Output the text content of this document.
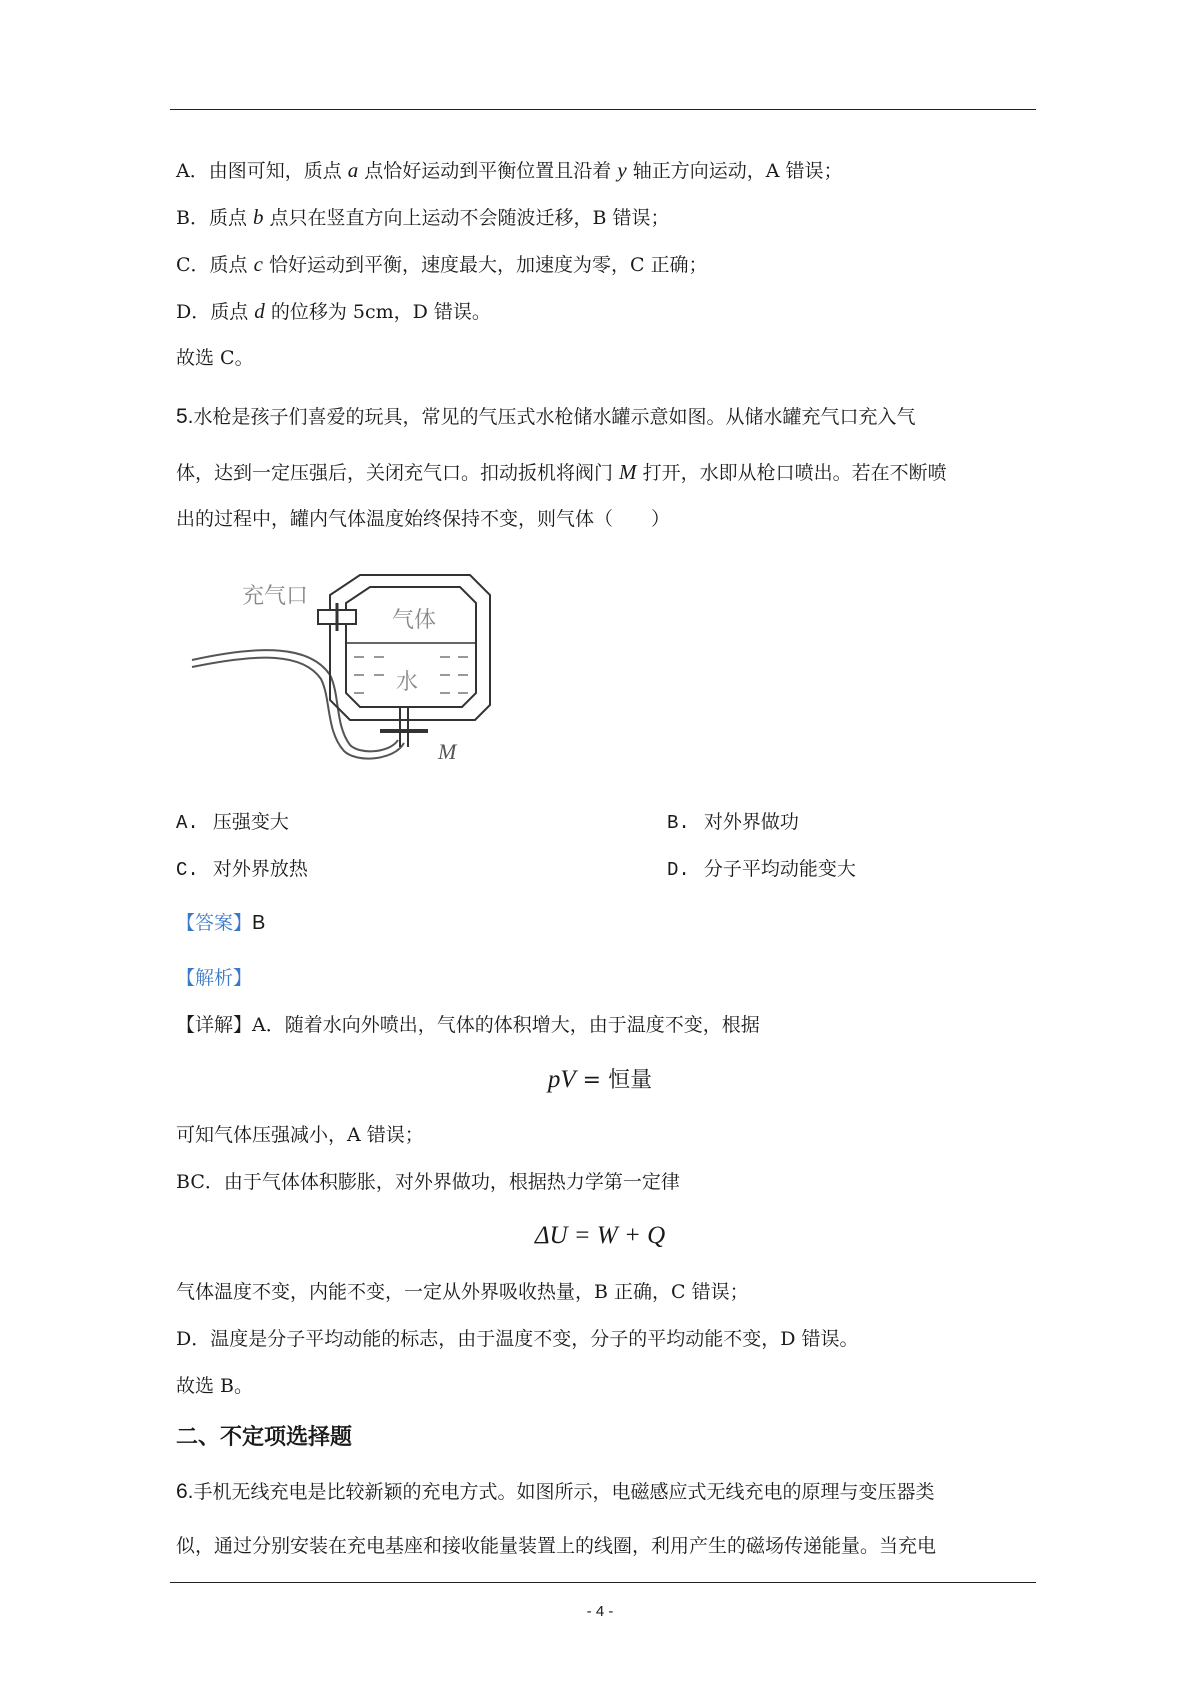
A．由图可知，质点 a 点恰好运动到平衡位置且沿着 y 轴正方向运动，A 错误；
B．质点 b 点只在竖直方向上运动不会随波迁移，B 错误；
C．质点 c 恰好运动到平衡，速度最大，加速度为零，C 正确；
D．质点 d 的位移为 5cm，D 错误。
故选 C。
5.水枪是孩子们喜爱的玩具，常见的气压式水枪储水罐示意如图。从储水罐充气口充入气
体，达到一定压强后，关闭充气口。扣动扳机将阀门 M 打开，水即从枪口喷出。若在不断喷
出的过程中，罐内气体温度始终保持不变，则气体（　　）
充气口
气体
水
M
A. 压强变大	B. 对外界做功
C. 对外界放热	D. 分子平均动能变大
【答案】B
【解析】
【详解】A．随着水向外喷出，气体的体积增大，由于温度不变，根据
pV = 恒量
可知气体压强减小，A 错误；
BC．由于气体体积膨胀，对外界做功，根据热力学第一定律
ΔU = W + Q
气体温度不变，内能不变，一定从外界吸收热量，B 正确，C 错误；
D．温度是分子平均动能的标志，由于温度不变，分子的平均动能不变，D 错误。
故选 B。
二、不定项选择题
6.手机无线充电是比较新颖的充电方式。如图所示，电磁感应式无线充电的原理与变压器类
似，通过分别安装在充电基座和接收能量装置上的线圈，利用产生的磁场传递能量。当充电
- 4 -
